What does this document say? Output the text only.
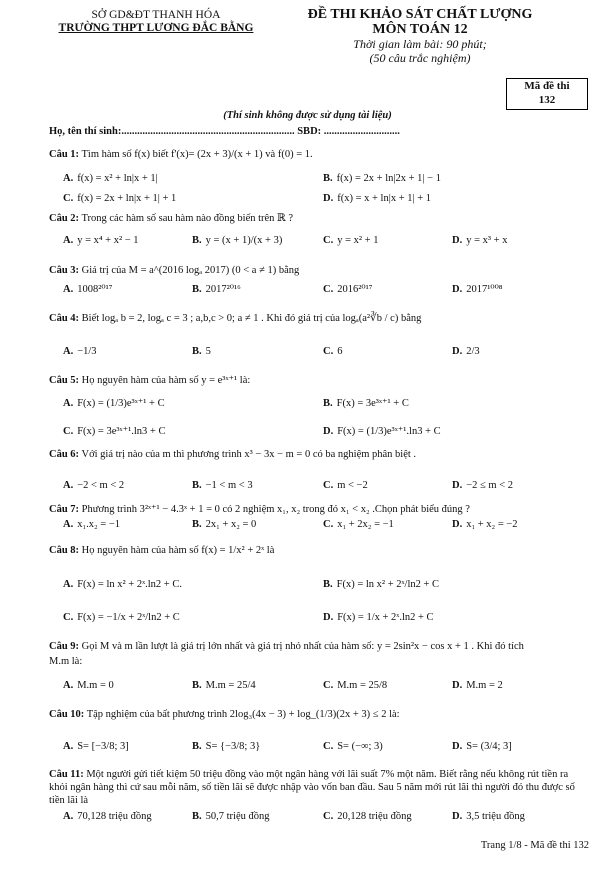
SỞ GD&ĐT THANH HÓA
TRƯỜNG THPT LƯƠNG ĐẮC BẰNG
ĐỀ THI KHẢO SÁT CHẤT LƯỢNG
MÔN TOÁN 12
Thời gian làm bài: 90 phút;
(50 câu trắc nghiệm)
Mã đề thi
132
(Thí sinh không được sử dụng tài liệu)
Họ, tên thí sinh:.................................................................. SBD: .............................
Câu 1: Tìm hàm số f(x) biết f'(x)= (2x + 3)/(x + 1) và f(0) = 1.
A. f(x) = x² + ln|x + 1|	B. f(x) = 2x + ln|2x + 1| − 1
C. f(x) = 2x + ln|x + 1| + 1	D. f(x) = x + ln|x + 1| + 1
Câu 2: Trong các hàm số sau hàm nào đồng biến trên ℝ ?
A. y = x⁴ + x² − 1	B. y = (x + 1)/(x + 3)	C. y = x² + 1	D. y = x³ + x
Câu 3: Giá trị của M = a^(2016 logₐ 2017) (0 < a ≠ 1) bằng
A. 1008²⁰¹⁷	B. 2017²⁰¹⁶	C. 2016²⁰¹⁷	D. 2017¹⁰⁰⁸
Câu 4: Biết logₐ b = 2, logₐ c = 3 ; a,b,c > 0; a ≠ 1 . Khi đó giá trị của logₐ(a²∛b / c) bằng
A. −1/3	B. 5	C. 6	D. 2/3
Câu 5: Họ nguyên hàm của hàm số y = e³ˣ⁺¹ là:
A. F(x) = (1/3)e³ˣ⁺¹ + C	B. F(x) = 3e³ˣ⁺¹ + C
C. F(x) = 3e³ˣ⁺¹.ln3 + C	D. F(x) = (1/3)e³ˣ⁺¹.ln3 + C
Câu 6: Với giá trị nào của m thì phương trình x³ − 3x − m = 0 có ba nghiệm phân biệt .
A. −2 < m < 2	B. −1 < m < 3	C. m < −2	D. −2 ≤ m < 2
Câu 7: Phương trình 3²ˣ⁺¹ − 4.3ˣ + 1 = 0 có 2 nghiệm x₁, x₂ trong đó x₁ < x₂ .Chọn phát biểu đúng ?
A. x₁.x₂ = −1	B. 2x₁ + x₂ = 0	C. x₁ + 2x₂ = −1	D. x₁ + x₂ = −2
Câu 8: Họ nguyên hàm của hàm số f(x) = 1/x² + 2ˣ là
A. F(x) = ln x² + 2ˣ.ln2 + C.	B. F(x) = ln x² + 2ˣ/ln2 + C
C. F(x) = −1/x + 2ˣ/ln2 + C	D. F(x) = 1/x + 2ˣ.ln2 + C
Câu 9: Gọi M và m lần lượt là giá trị lớn nhất và giá trị nhỏ nhất của hàm số: y = 2sin²x − cos x + 1 . Khi đó tích
M.m là:
A. M.m = 0	B. M.m = 25/4	C. M.m = 25/8	D. M.m = 2
Câu 10: Tập nghiệm của bất phương trình 2log₃(4x − 3) + log_(1/3)(2x + 3) ≤ 2 là:
A. S= [−3/8; 3]	B. S= {−3/8; 3}	C. S= (−∞; 3)	D. S= (3/4; 3]
Câu 11: Một người gửi tiết kiệm 50 triệu đồng vào một ngân hàng với lãi suất 7% một năm. Biết rằng nếu không rút tiền ra khỏi ngân hàng thì cứ sau mỗi năm, số tiền lãi sẽ được nhập vào vốn ban đầu. Sau 5 năm mới rút lãi thì người đó thu được số tiền lãi là
A. 70,128 triệu đồng	B. 50,7 triệu đồng	C. 20,128 triệu đồng	D. 3,5 triệu đồng
Trang 1/8 - Mã đề thi 132
